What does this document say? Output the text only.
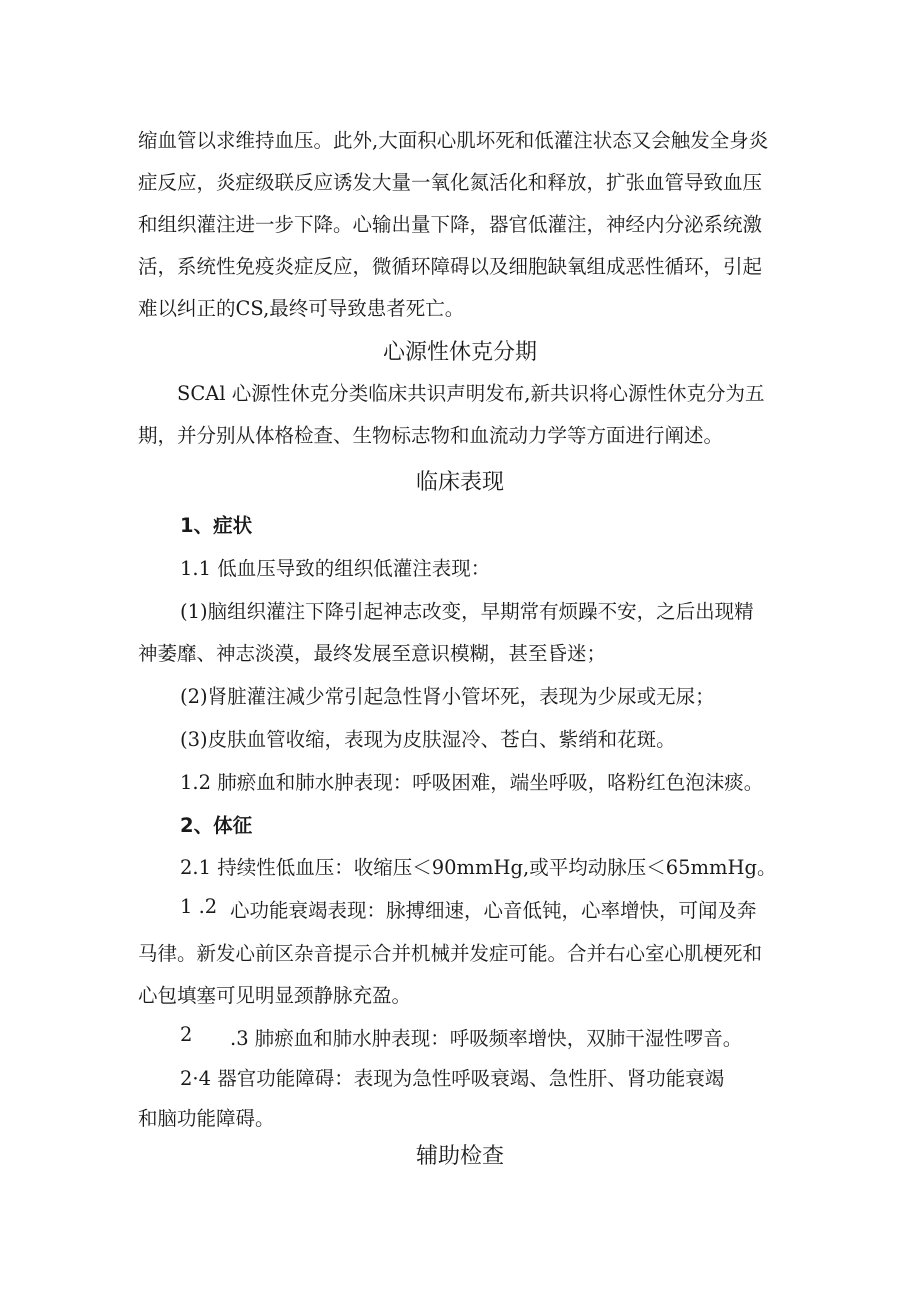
缩血管以求维持血压。此外,大面积心肌坏死和低灌注状态又会触发全身炎
症反应，炎症级联反应诱发大量一氧化氮活化和释放，扩张血管导致血压
和组织灌注进一步下降。心输出量下降，器官低灌注，神经内分泌系统激
活，系统性免疫炎症反应，微循环障碍以及细胞缺氧组成恶性循环，引起
难以纠正的CS,最终可导致患者死亡。
心源性休克分期
SCAl 心源性休克分类临床共识声明发布,新共识将心源性休克分为五
期，并分别从体格检查、生物标志物和血流动力学等方面进行阐述。
临床表现
1、症状
1.1 低血压导致的组织低灌注表现：
(1)脑组织灌注下降引起神志改变，早期常有烦躁不安，之后出现精
神萎靡、神志淡漠，最终发展至意识模糊，甚至昏迷；
(2)肾脏灌注减少常引起急性肾小管坏死，表现为少尿或无尿；
(3)皮肤血管收缩，表现为皮肤湿冷、苍白、紫绡和花斑。
1.2 肺瘀血和肺水肿表现：呼吸困难，端坐呼吸，咯粉红色泡沫痰。
2、体征
2.1 持续性低血压：收缩压＜90mmHg,或平均动脉压＜65mmHg。
1 .2 心功能衰竭表现：脉搏细速，心音低钝，心率增快，可闻及奔
马律。新发心前区杂音提示合并机械并发症可能。合并右心室心肌梗死和
心包填塞可见明显颈静脉充盈。
2 .3 肺瘀血和肺水肿表现：呼吸频率增快，双肺干湿性啰音。
2·4 器官功能障碍：表现为急性呼吸衰竭、急性肝、肾功能衰竭
和脑功能障碍。
辅助检查
